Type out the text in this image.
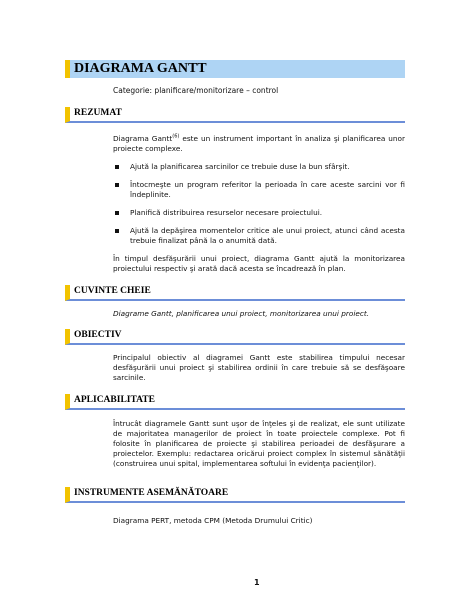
DIAGRAMA GANTT
Categorie: planificare/monitorizare – control
REZUMAT

Diagrama Gantt$^{(6)}$ este un instrument important în analiza şi planificarea unor proiecte complexe.

Ajută la planificarea sarcinilor ce trebuie duse la bun sfârşit.
Întocmeşte un program referitor la perioada în care aceste sarcini vor fi îndeplinite.
Planifică distribuirea resurselor necesare proiectului.
Ajută la depăşirea momentelor critice ale unui proiect, atunci când acesta trebuie finalizat până la o anumită dată.

În timpul desfăşurării unui proiect, diagrama Gantt ajută la monitorizarea proiectului respectiv şi arată dacă acesta se încadrează în plan.

CUVINTE CHEIE
Diagrame Gantt, planificarea unui proiect, monitorizarea unui proiect.
OBIECTIV
Principalul obiectiv al diagramei Gantt este stabilirea timpului necesar desfăşurării unui proiect şi stabilirea ordinii în care trebuie să se desfăşoare sarcinile.
APLICABILITATE
Întrucât diagramele Gantt sunt uşor de înţeles şi de realizat, ele sunt utilizate de majoritatea managerilor de proiect în toate proiectele complexe. Pot fi folosite în planificarea de proiecte şi stabilirea perioadei de desfăşurare a proiectelor. Exemplu: redactarea oricărui proiect complex în sistemul sănătăţii (construirea unui spital, implementarea softului în evidenţa pacienţilor).
INSTRUMENTE ASEMĂNĂTOARE
Diagrama PERT, metoda CPM (Metoda Drumului Critic)
1
